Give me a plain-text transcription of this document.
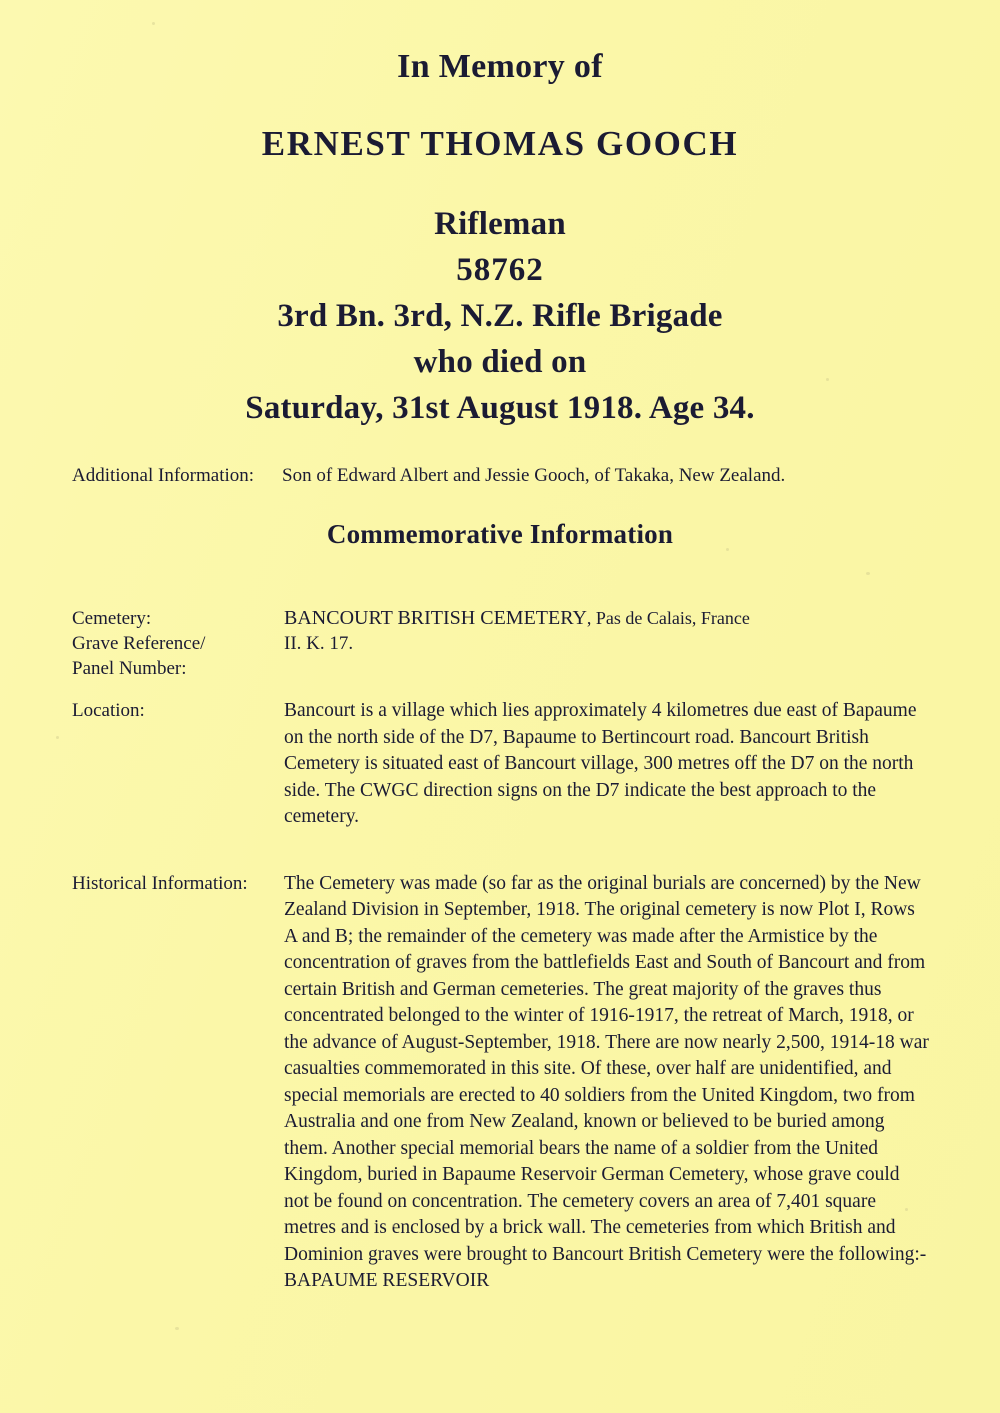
In Memory of
ERNEST THOMAS GOOCH
Rifleman
58762
3rd Bn. 3rd, N.Z. Rifle Brigade
who died on
Saturday, 31st August 1918. Age 34.
Additional Information:	Son of Edward Albert and Jessie Gooch, of Takaka, New Zealand.
Commemorative Information
Cemetery:	BANCOURT BRITISH CEMETERY, Pas de Calais, France
Grave Reference/
Panel Number:
II. K. 17.
Location:	Bancourt is a village which lies approximately 4 kilometres due east of Bapaume on the north side of the D7, Bapaume to Bertincourt road. Bancourt British Cemetery is situated east of Bancourt village, 300 metres off the D7 on the north side. The CWGC direction signs on the D7 indicate the best approach to the cemetery.
Historical Information:	The Cemetery was made (so far as the original burials are concerned) by the New Zealand Division in September, 1918. The original cemetery is now Plot I, Rows A and B; the remainder of the cemetery was made after the Armistice by the concentration of graves from the battlefields East and South of Bancourt and from certain British and German cemeteries. The great majority of the graves thus concentrated belonged to the winter of 1916-1917, the retreat of March, 1918, or the advance of August-September, 1918. There are now nearly 2,500, 1914-18 war casualties commemorated in this site. Of these, over half are unidentified, and special memorials are erected to 40 soldiers from the United Kingdom, two from Australia and one from New Zealand, known or believed to be buried among them. Another special memorial bears the name of a soldier from the United Kingdom, buried in Bapaume Reservoir German Cemetery, whose grave could not be found on concentration. The cemetery covers an area of 7,401 square metres and is enclosed by a brick wall. The cemeteries from which British and Dominion graves were brought to Bancourt British Cemetery were the following:- BAPAUME RESERVOIR
